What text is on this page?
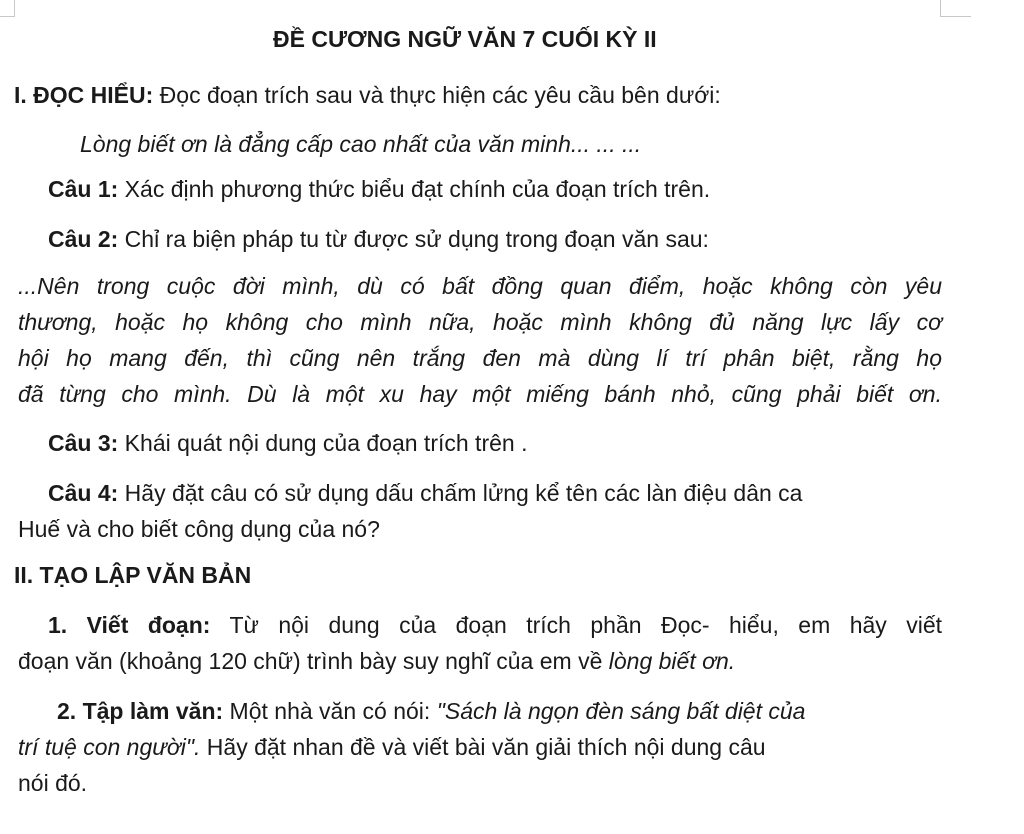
ĐỀ CƯƠNG NGỮ VĂN 7 CUỐI KỲ II
I. ĐỌC HIỂU: Đọc đoạn trích sau và thực hiện các yêu cầu bên dưới:
Lòng biết ơn là đẳng cấp cao nhất của văn minh... ... ...
Câu 1: Xác định phương thức biểu đạt chính của đoạn trích trên.
Câu 2: Chỉ ra biện pháp tu từ được sử dụng trong đoạn văn sau:
...Nên trong cuộc đời mình, dù có bất đồng quan điểm, hoặc không còn yêu
thương, hoặc họ không cho mình nữa, hoặc mình không đủ năng lực lấy cơ
hội họ mang đến, thì cũng nên trắng đen mà dùng lí trí phân biệt, rằng họ
đã từng cho mình. Dù là một xu hay một miếng bánh nhỏ, cũng phải biết ơn.
Câu 3: Khái quát nội dung của đoạn trích trên .
Câu 4: Hãy đặt câu có sử dụng dấu chấm lửng kể tên các làn điệu dân ca
Huế và cho biết công dụng của nó?
II. TẠO LẬP VĂN BẢN
1. Viết đoạn: Từ nội dung của đoạn trích phần Đọc- hiểu, em hãy viết
đoạn văn (khoảng 120 chữ) trình bày suy nghĩ của em về lòng biết ơn.
2. Tập làm văn: Một nhà văn có nói: "Sách là ngọn đèn sáng bất diệt của
trí tuệ con người". Hãy đặt nhan đề và viết bài văn giải thích nội dung câu
nói đó.
